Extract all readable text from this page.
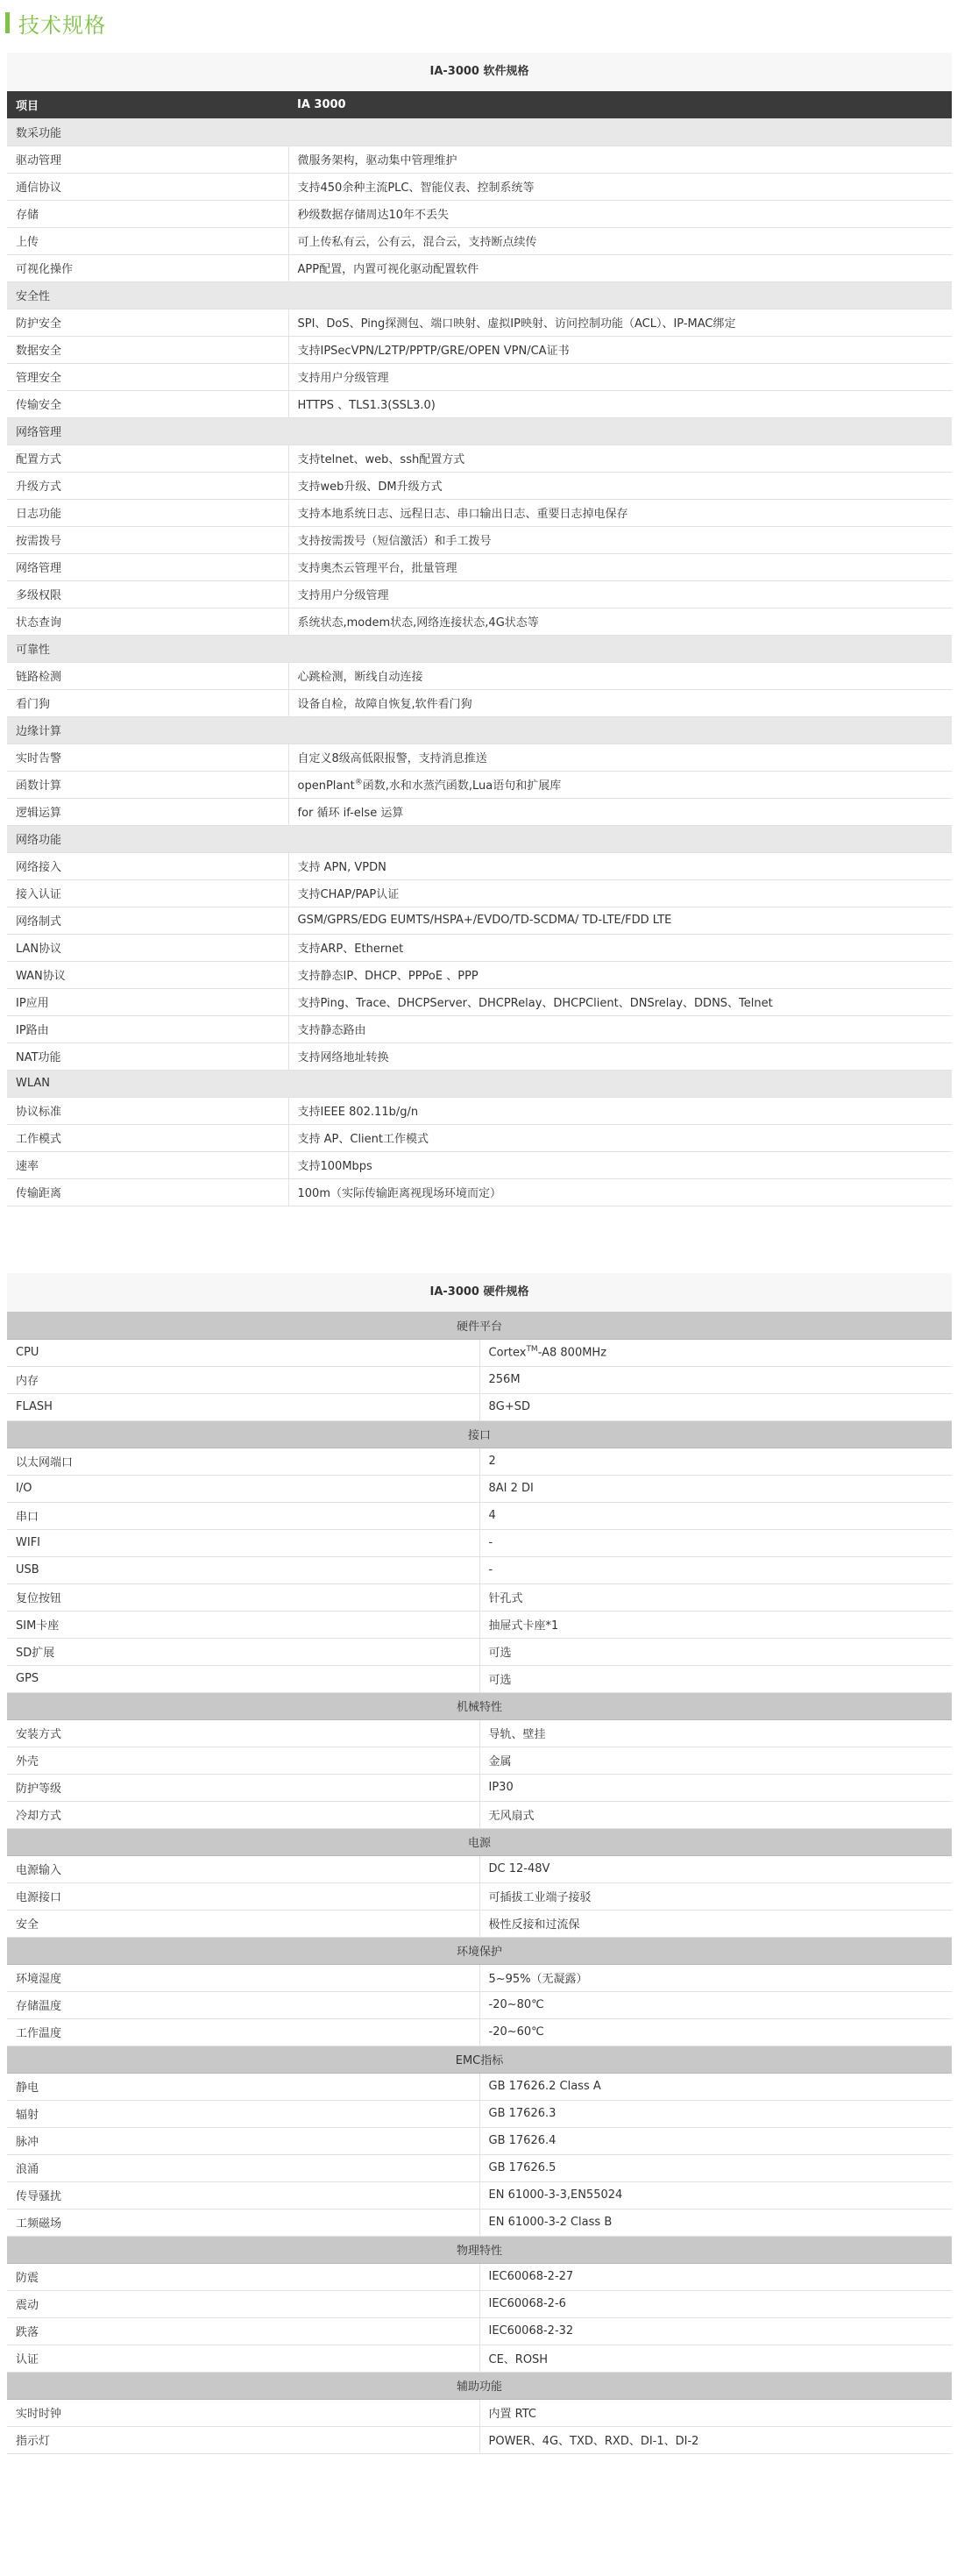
技术规格
IA-3000 软件规格
项目	IA 3000
数采功能	
驱动管理	微服务架构，驱动集中管理维护
通信协议	支持450余种主流PLC、智能仪表、控制系统等
存储	秒级数据存储周达10年不丢失
上传	可上传私有云，公有云，混合云，支持断点续传
可视化操作	APP配置，内置可视化驱动配置软件
安全性	
防护安全	SPI、DoS、Ping探测包、端口映射、虚拟IP映射、访问控制功能（ACL）、IP-MAC绑定
数据安全	支持IPSecVPN/L2TP/PPTP/GRE/OPEN VPN/CA证书
管理安全	支持用户分级管理
传输安全	HTTPS 、TLS1.3(SSL3.0)
网络管理	
配置方式	支持telnet、web、ssh配置方式
升级方式	支持web升级、DM升级方式
日志功能	支持本地系统日志、远程日志、串口输出日志、重要日志掉电保存
按需拨号	支持按需拨号（短信激活）和手工拨号
网络管理	支持奥杰云管理平台，批量管理
多级权限	支持用户分级管理
状态查询	系统状态,modem状态,网络连接状态,4G状态等
可靠性	
链路检测	心跳检测，断线自动连接
看门狗	设备自检，故障自恢复,软件看门狗
边缘计算	
实时告警	自定义8级高低限报警，支持消息推送
函数计算	openPlant®函数,水和水蒸汽函数,Lua语句和扩展库
逻辑运算	for 循环 if-else 运算
网络功能	
网络接入	支持 APN, VPDN
接入认证	支持CHAP/PAP认证
网络制式	GSM/GPRS/EDG EUMTS/HSPA+/EVDO/TD-SCDMA/ TD-LTE/FDD LTE
LAN协议	支持ARP、Ethernet
WAN协议	支持静态IP、DHCP、PPPoE 、PPP
IP应用	支持Ping、Trace、DHCPServer、DHCPRelay、DHCPClient、DNSrelay、DDNS、Telnet
IP路由	支持静态路由
NAT功能	支持网络地址转换
WLAN	
协议标准	支持IEEE 802.11b/g/n
工作模式	支持 AP、Client工作模式
速率	支持100Mbps
传输距离	100m（实际传输距离视现场环境而定）
IA-3000 硬件规格
硬件平台	
CPU	Cortex™-A8 800MHz
内存	256M
FLASH	8G+SD
接口	
以太网端口	2
I/O	8AI 2 DI
串口	4
WIFI	-
USB	-
复位按钮	针孔式
SIM卡座	抽屉式卡座*1
SD扩展	可选
GPS	可选
机械特性	
安装方式	导轨、壁挂
外壳	金属
防护等级	IP30
冷却方式	无风扇式
电源	
电源输入	DC 12-48V
电源接口	可插拔工业端子接驳
安全	极性反接和过流保
环境保护	
环境湿度	5~95%（无凝露）
存储温度	-20~80℃
工作温度	-20~60℃
EMC指标	
静电	GB 17626.2 Class A
辐射	GB 17626.3
脉冲	GB 17626.4
浪涌	GB 17626.5
传导骚扰	EN 61000-3-3,EN55024
工频磁场	EN 61000-3-2 Class B
物理特性	
防震	IEC60068-2-27
震动	IEC60068-2-6
跌落	IEC60068-2-32
认证	CE、ROSH
辅助功能	
实时时钟	内置 RTC
指示灯	POWER、4G、TXD、RXD、DI-1、DI-2
